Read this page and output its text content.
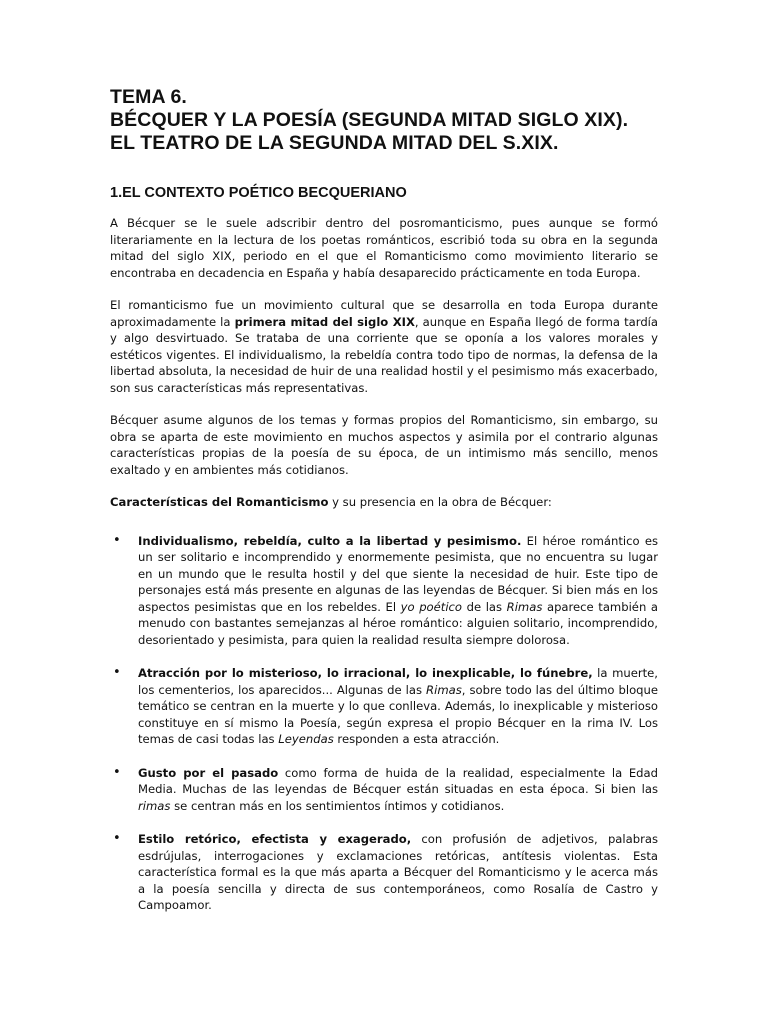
TEMA 6.
BÉCQUER Y LA POESÍA (SEGUNDA MITAD SIGLO XIX).
EL TEATRO DE LA SEGUNDA MITAD DEL S.XIX.
1.EL CONTEXTO POÉTICO BECQUERIANO

A Bécquer se le suele adscribir dentro del posromanticismo, pues aunque se formó literariamente en la lectura de los poetas románticos, escribió toda su obra en la segunda mitad del siglo XIX, periodo en el que el Romanticismo como movimiento literario se encontraba en decadencia en España y había desaparecido prácticamente en toda Europa.

El romanticismo fue un movimiento cultural que se desarrolla en toda Europa durante aproximadamente la primera mitad del siglo XIX, aunque en España llegó de forma tardía y algo desvirtuado. Se trataba de una corriente que se oponía a los valores morales y estéticos vigentes. El individualismo, la rebeldía contra todo tipo de normas, la defensa de la libertad absoluta, la necesidad de huir de una realidad hostil y el pesimismo más exacerbado, son sus características más representativas.

Bécquer asume algunos de los temas y formas propios del Romanticismo, sin embargo, su obra se aparta de este movimiento en muchos aspectos y asimila por el contrario algunas características propias de la poesía de su época, de un intimismo más sencillo, menos exaltado y en ambientes más cotidianos.

Características del Romanticismo y su presencia en la obra de Bécquer:

• Individualismo, rebeldía, culto a la libertad y pesimismo. El héroe romántico es un ser solitario e incomprendido y enormemente pesimista, que no encuentra su lugar en un mundo que le resulta hostil y del que siente la necesidad de huir. Este tipo de personajes está más presente en algunas de las leyendas de Bécquer. Si bien más en los aspectos pesimistas que en los rebeldes. El yo poético de las Rimas aparece también a menudo con bastantes semejanzas al héroe romántico: alguien solitario, incomprendido, desorientado y pesimista, para quien la realidad resulta siempre dolorosa.
• Atracción por lo misterioso, lo irracional, lo inexplicable, lo fúnebre, la muerte, los cementerios, los aparecidos... Algunas de las Rimas, sobre todo las del último bloque temático se centran en la muerte y lo que conlleva. Además, lo inexplicable y misterioso constituye en sí mismo la Poesía, según expresa el propio Bécquer en la rima IV. Los temas de casi todas las Leyendas responden a esta atracción.
• Gusto por el pasado como forma de huida de la realidad, especialmente la Edad Media. Muchas de las leyendas de Bécquer están situadas en esta época. Si bien las rimas se centran más en los sentimientos íntimos y cotidianos.
• Estilo retórico, efectista y exagerado, con profusión de adjetivos, palabras esdrújulas, interrogaciones y exclamaciones retóricas, antítesis violentas. Esta característica formal es la que más aparta a Bécquer del Romanticismo y le acerca más a la poesía sencilla y directa de sus contemporáneos, como Rosalía de Castro y Campoamor.
